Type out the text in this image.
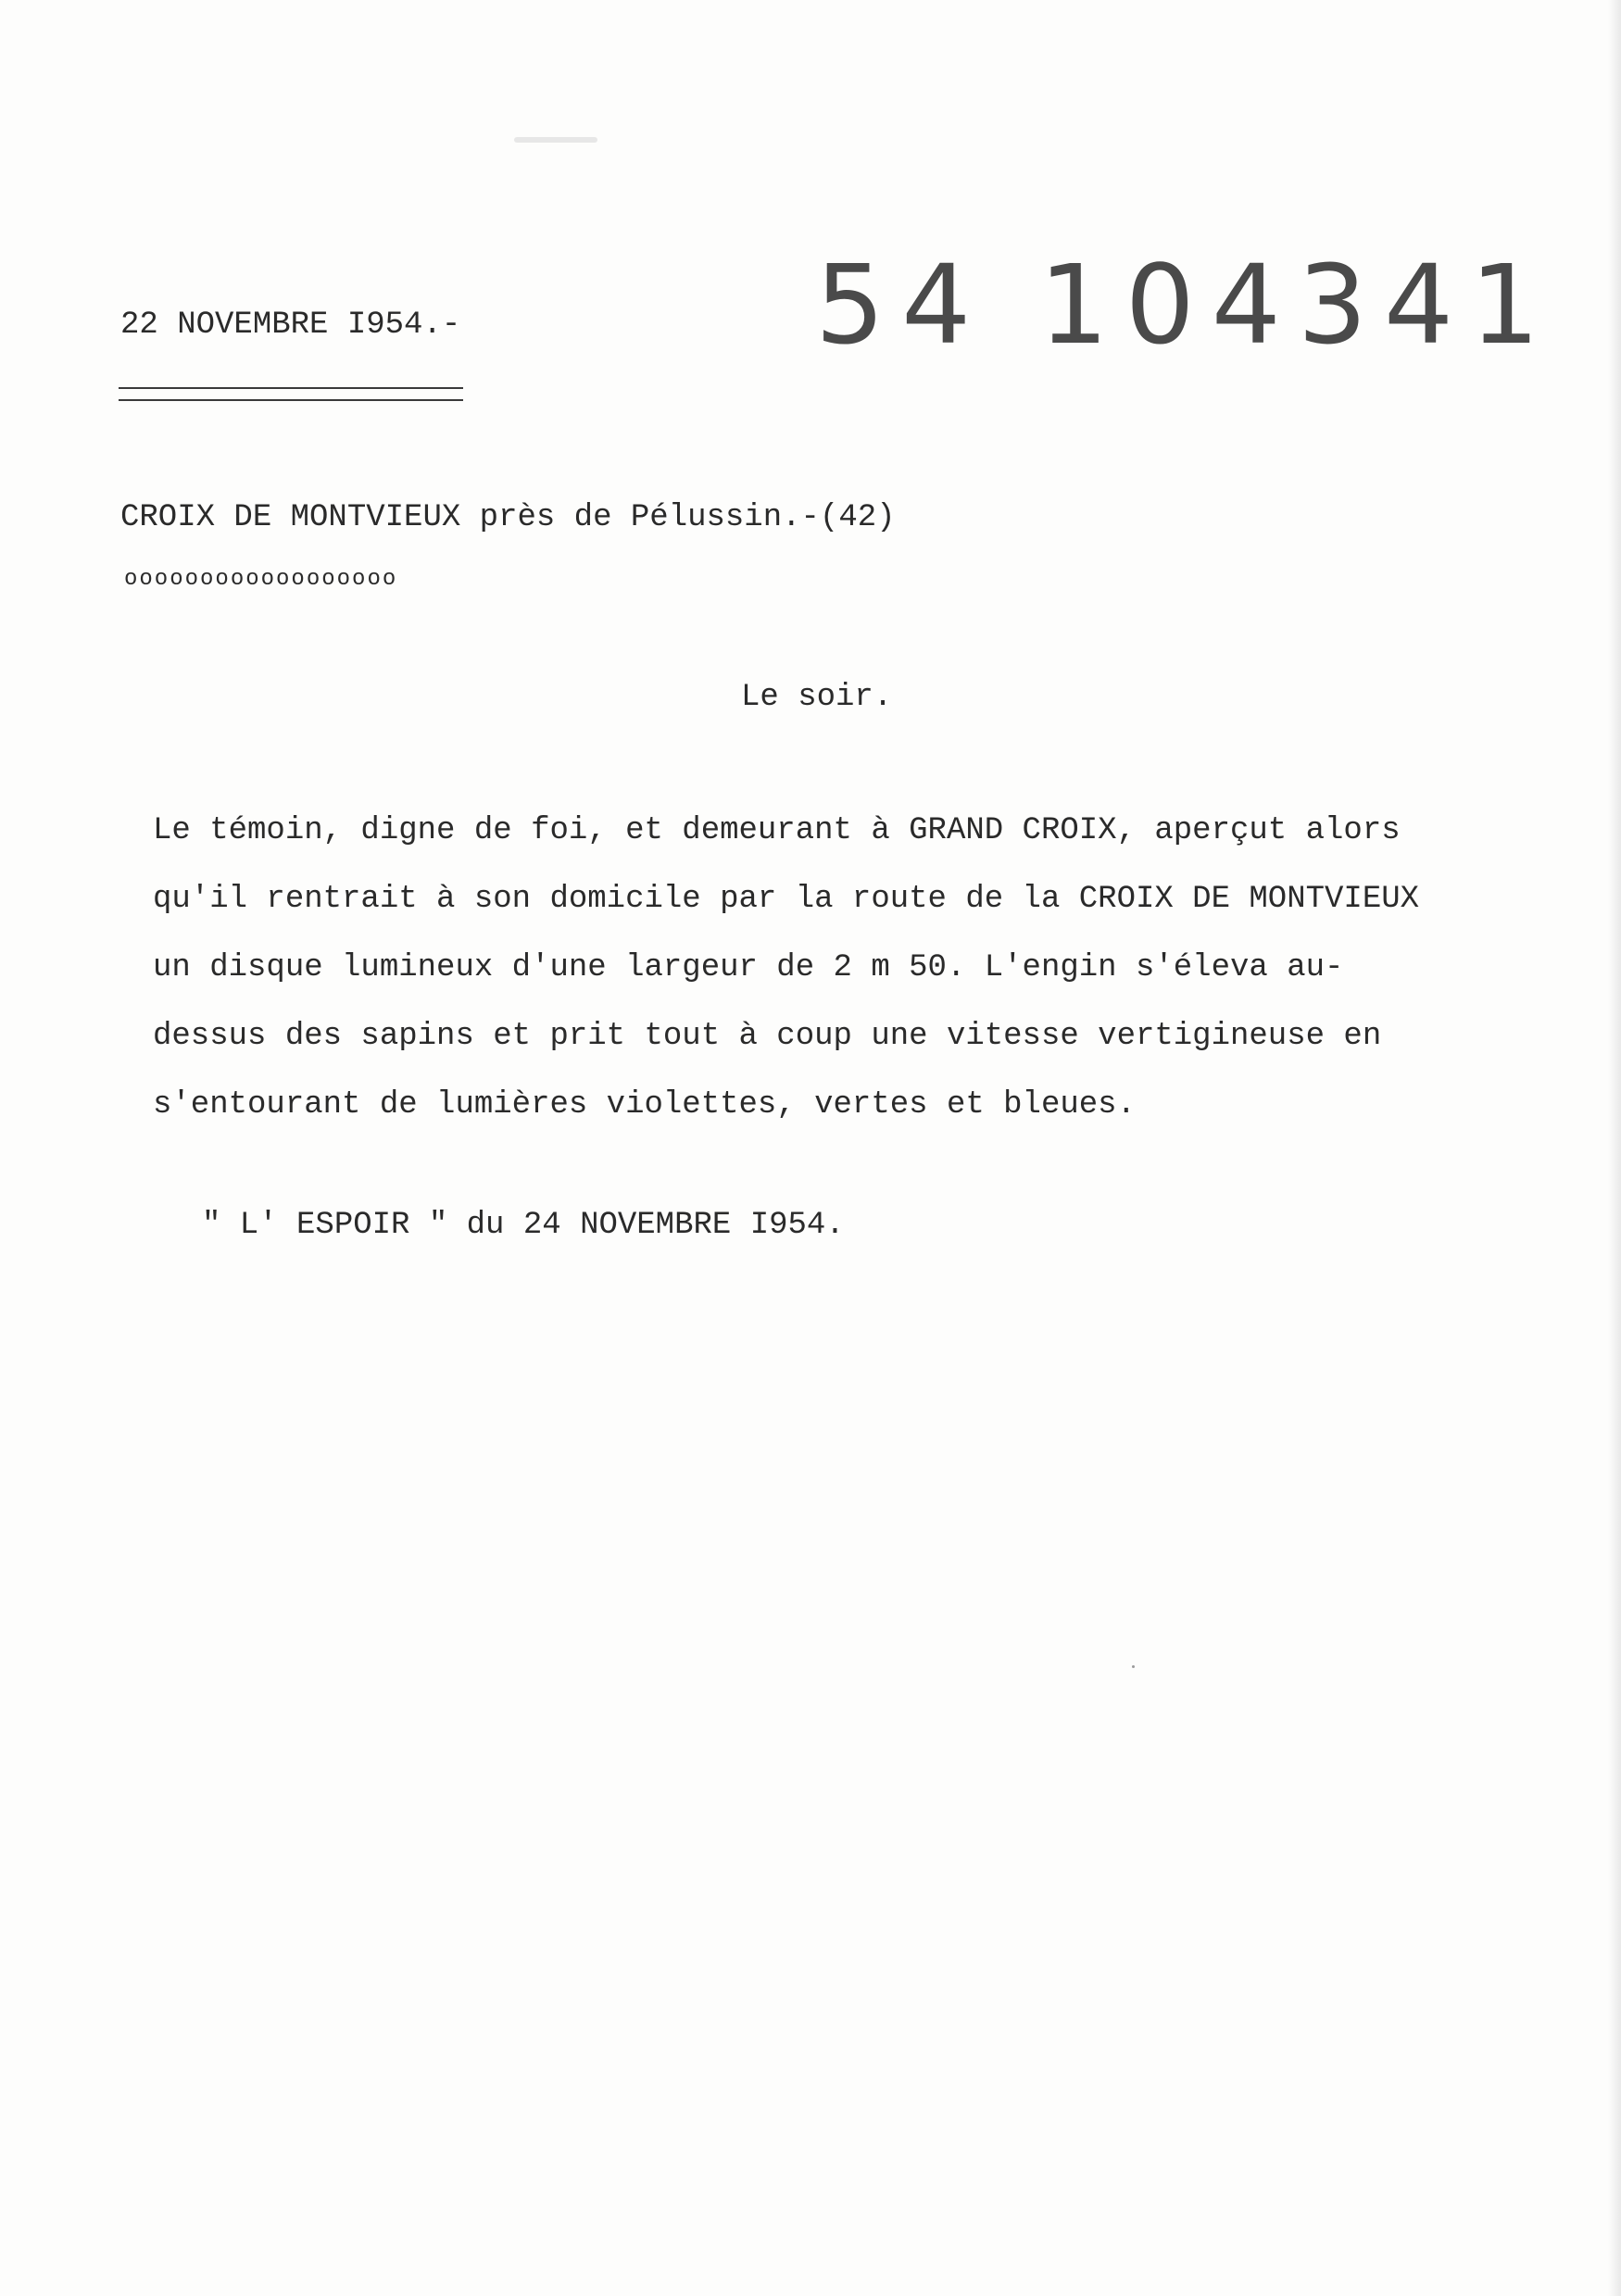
22 NOVEMBRE I954.-	54 104341
CROIX DE MONTVIEUX près de Pélussin.-(42)
oooooooooooooooooo
Le soir.
Le témoin, digne de foi, et demeurant à GRAND CROIX, aperçut alors
qu'il rentrait à son domicile par la route de la CROIX DE MONTVIEUX
un disque lumineux d'une largeur de 2 m 50. L'engin s'éleva au-
dessus des sapins et prit tout à coup une vitesse vertigineuse en
s'entourant de lumières violettes, vertes et bleues.
" L' ESPOIR " du 24 NOVEMBRE I954.
